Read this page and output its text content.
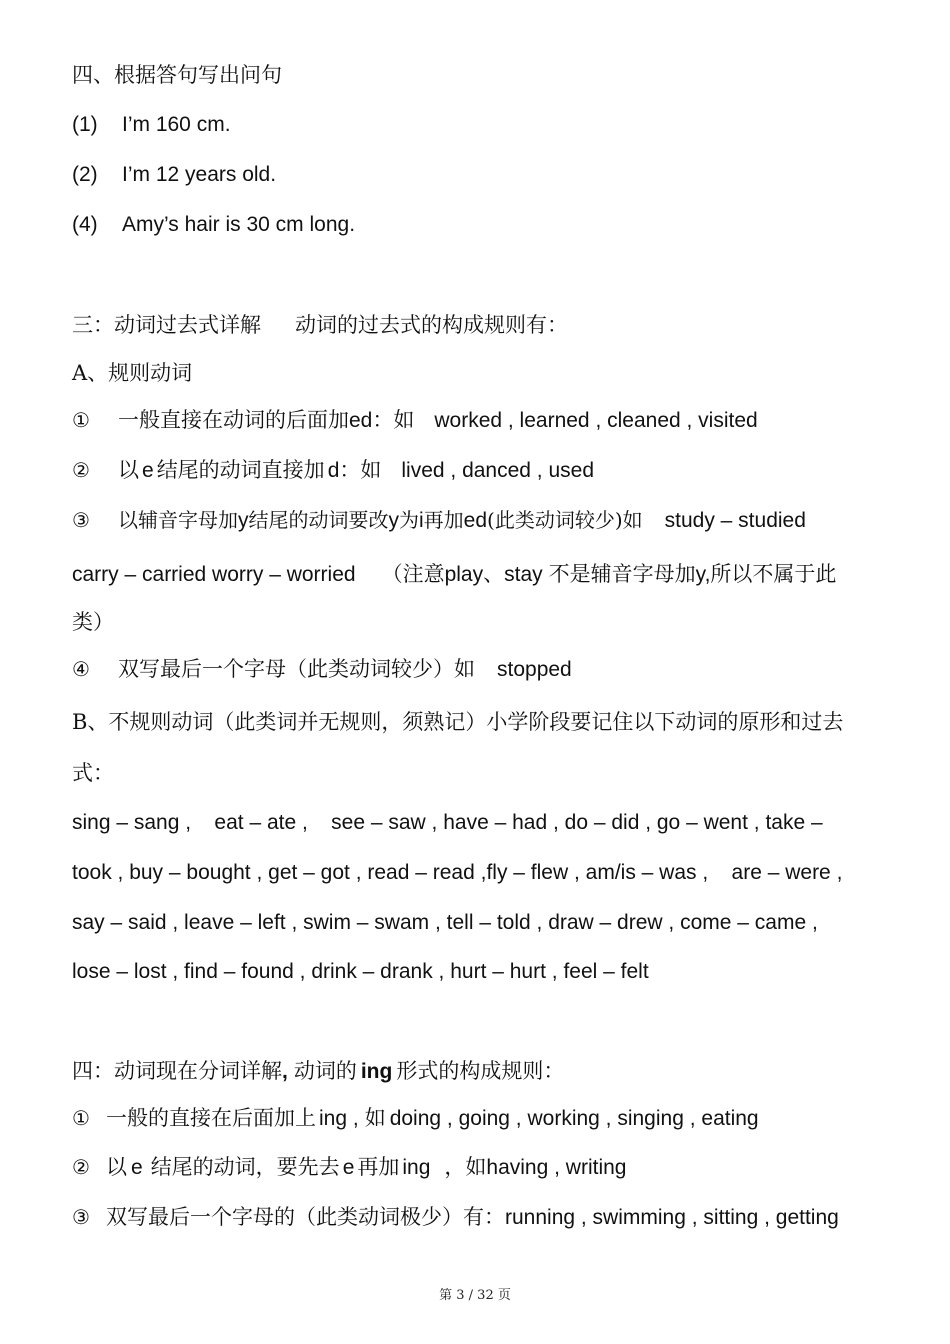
四、根据答句写出问句
(1) I’m 160 cm.
(2) I’m 12 years old.
(4) Amy’s hair is 30 cm long.
三：动词过去式详解 动词的过去式的构成规则有：
A、规则动词
① 一般直接在动词的后面加ed：如 worked , learned , cleaned , visited
② 以 e 结尾的动词直接加 d：如 lived , danced , used
③ 以辅音字母加y结尾的动词要改y为i再加ed(此类动词较少)如 study – studied
carry – carried worry – worried （注意play、stay 不是辅音字母加y,所以不属于此
类）
④ 双写最后一个字母（此类动词较少）如 stopped
B、不规则动词（此类词并无规则，须熟记）小学阶段要记住以下动词的原形和过去
式：
sing – sang ,    eat – ate ,    see – saw , have – had , do – did , go – went , take –
took , buy – bought , get – got , read – read ,fly – flew , am/is – was ,    are – were ,
say – said , leave – left , swim – swam , tell – told , draw – drew , come – came ,
lose – lost , find – found , drink – drank , hurt – hurt , feel – felt
四：动词现在分词详解, 动词的 ing 形式的构成规则：
① 一般的直接在后面加上 ing , 如 doing , going , working , singing , eating
② 以 e 结尾的动词，要先去 e 再加 ing ，如having , writing
③ 双写最后一个字母的（此类动词极少）有：running , swimming , sitting , getting
第 3 / 32 页
